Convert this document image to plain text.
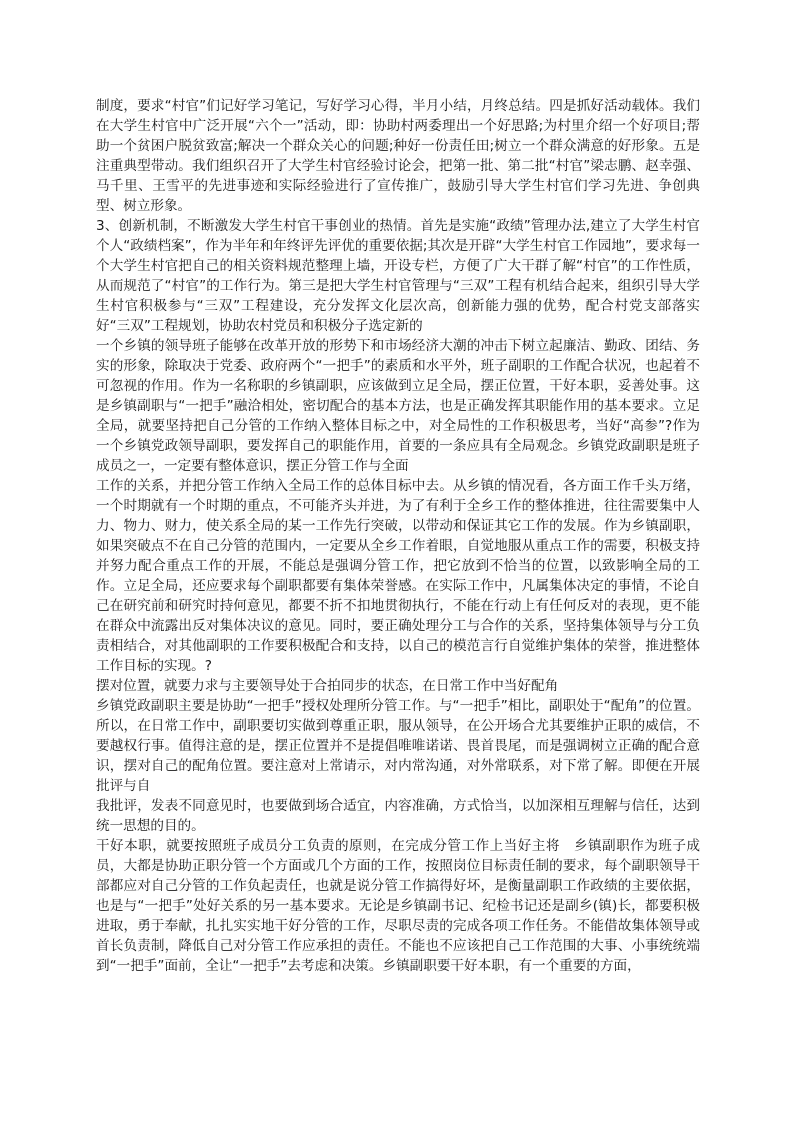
制度，要求“村官”们记好学习笔记，写好学习心得，半月小结，月终总结。四是抓好活动载体。我们在大学生村官中广泛开展“六个一”活动，即：协助村两委理出一个好思路;为村里介绍一个好项目;帮助一个贫困户脱贫致富;解决一个群众关心的问题;种好一份责任田;树立一个群众满意的好形象。五是注重典型带动。我们组织召开了大学生村官经验讨论会，把第一批、第二批“村官”梁志鹏、赵幸强、马千里、王雪平的先进事迹和实际经验进行了宣传推广，鼓励引导大学生村官们学习先进、争创典型、树立形象。

3、创新机制，不断激发大学生村官干事创业的热情。首先是实施“政绩”管理办法,建立了大学生村官个人“政绩档案”，作为半年和年终评先评优的重要依据;其次是开辟“大学生村官工作园地”，要求每一个大学生村官把自己的相关资料规范整理上墙，开设专栏，方便了广大干群了解“村官”的工作性质，从而规范了“村官”的工作行为。第三是把大学生村官管理与“三双”工程有机结合起来，组织引导大学生村官积极参与“三双”工程建设，充分发挥文化层次高，创新能力强的优势，配合村党支部落实好“三双”工程规划，协助农村党员和积极分子选定新的

一个乡镇的领导班子能够在改革开放的形势下和市场经济大潮的冲击下树立起廉洁、勤政、团结、务实的形象，除取决于党委、政府两个“一把手”的素质和水平外，班子副职的工作配合状况，也起着不可忽视的作用。作为一名称职的乡镇副职，应该做到立足全局，摆正位置，干好本职，妥善处事。这是乡镇副职与“一把手”融洽相处，密切配合的基本方法，也是正确发挥其职能作用的基本要求。立足全局，就要坚持把自己分管的工作纳入整体目标之中，对全局性的工作积极思考，当好“高参”?作为一个乡镇党政领导副职，要发挥自己的职能作用，首要的一条应具有全局观念。乡镇党政副职是班子成员之一，一定要有整体意识，摆正分管工作与全面

工作的关系，并把分管工作纳入全局工作的总体目标中去。从乡镇的情况看，各方面工作千头万绪，一个时期就有一个时期的重点，不可能齐头并进，为了有利于全乡工作的整体推进，往往需要集中人力、物力、财力，使关系全局的某一工作先行突破，以带动和保证其它工作的发展。作为乡镇副职，如果突破点不在自己分管的范围内，一定要从全乡工作着眼，自觉地服从重点工作的需要，积极支持并努力配合重点工作的开展，不能总是强调分管工作，把它放到不恰当的位置，以致影响全局的工作。立足全局，还应要求每个副职都要有集体荣誉感。在实际工作中，凡属集体决定的事情，不论自己在研究前和研究时持何意见，都要不折不扣地贯彻执行，不能在行动上有任何反对的表现，更不能在群众中流露出反对集体决议的意见。同时，要正确处理分工与合作的关系，坚持集体领导与分工负责相结合，对其他副职的工作要积极配合和支持，以自己的模范言行自觉维护集体的荣誉，推进整体工作目标的实现。?

摆对位置，就要力求与主要领导处于合拍同步的状态，在日常工作中当好配角

乡镇党政副职主要是协助“一把手”授权处理所分管工作。与“一把手”相比，副职处于“配角”的位置。所以，在日常工作中，副职要切实做到尊重正职，服从领导，在公开场合尤其要维护正职的威信，不要越权行事。值得注意的是，摆正位置并不是提倡唯唯诺诺、畏首畏尾，而是强调树立正确的配合意识，摆对自己的配角位置。要注意对上常请示，对内常沟通，对外常联系，对下常了解。即便在开展批评与自

我批评，发表不同意见时，也要做到场合适宜，内容准确，方式恰当，以加深相互理解与信任，达到统一思想的目的。

干好本职，就要按照班子成员分工负责的原则，在完成分管工作上当好主将　乡镇副职作为班子成员，大都是协助正职分管一个方面或几个方面的工作，按照岗位目标责任制的要求，每个副职领导干部都应对自己分管的工作负起责任，也就是说分管工作搞得好坏，是衡量副职工作政绩的主要依据，也是与“一把手”处好关系的另一基本要求。无论是乡镇副书记、纪检书记还是副乡(镇)长，都要积极进取，勇于奉献，扎扎实实地干好分管的工作，尽职尽责的完成各项工作任务。不能借故集体领导或首长负责制，降低自己对分管工作应承担的责任。不能也不应该把自己工作范围的大事、小事统统端到“一把手”面前，全让“一把手”去考虑和决策。乡镇副职要干好本职，有一个重要的方面，
